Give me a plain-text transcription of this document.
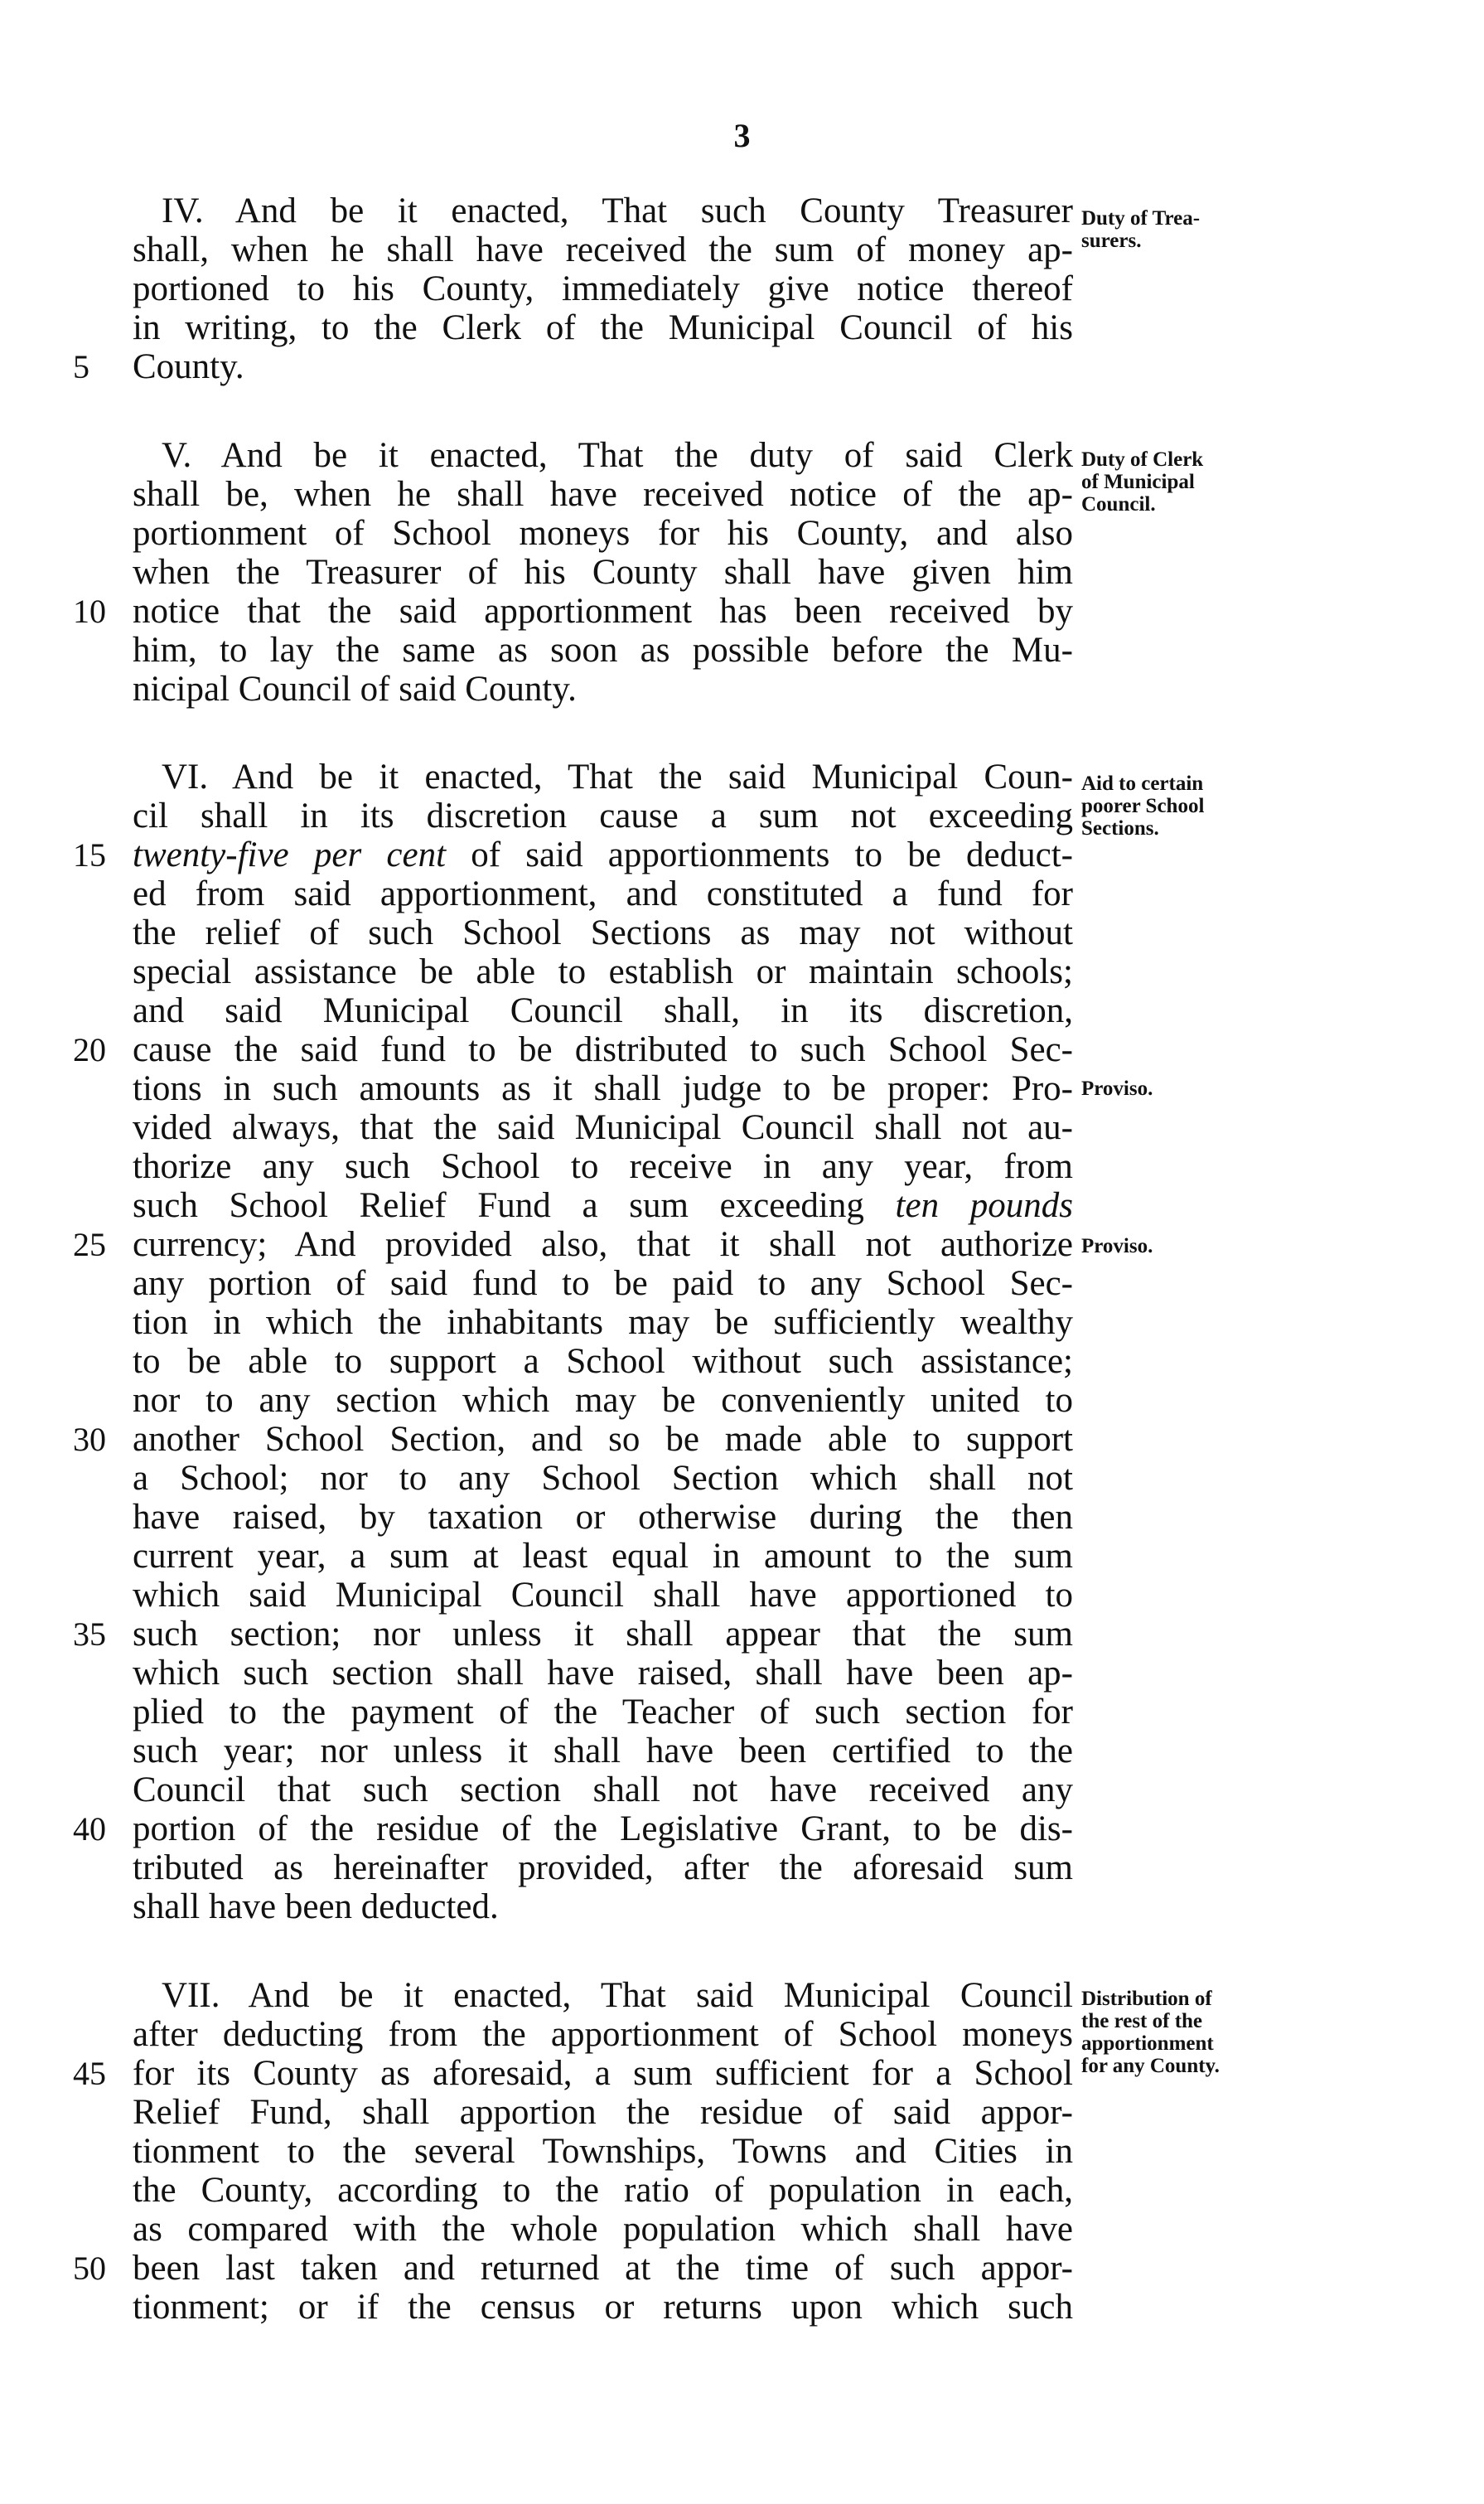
3
IV. And be it enacted, That such County Treasurer
shall, when he shall have received the sum of money ap-
portioned to his County, immediately give notice thereof
in writing, to the Clerk of the Municipal Council of his
5	County.
Duty of Trea-
surers.
V. And be it enacted, That the duty of said Clerk
shall be, when he shall have received notice of the ap-
portionment of School moneys for his County, and also
when the Treasurer of his County shall have given him
10 notice that the said apportionment has been received by
him, to lay the same as soon as possible before the Mu-
nicipal Council of said County.
Duty of Clerk
of Municipal
Council.
VI. And be it enacted, That the said Municipal Coun-
cil shall in its discretion cause a sum not exceeding
15 twenty-five per cent of said apportionments to be deduct-
ed from said apportionment, and constituted a fund for
the relief of such School Sections as may not without
special assistance be able to establish or maintain schools;
and said Municipal Council shall, in its discretion,
20 cause the said fund to be distributed to such School Sec-
tions in such amounts as it shall judge to be proper: Pro-
vided always, that the said Municipal Council shall not au-
thorize any such School to receive in any year, from
such School Relief Fund a sum exceeding ten pounds
25 currency; And provided also, that it shall not authorize
any portion of said fund to be paid to any School Sec-
tion in which the inhabitants may be sufficiently wealthy
to be able to support a School without such assistance;
nor to any section which may be conveniently united to
30 another School Section, and so be made able to support
a School; nor to any School Section which shall not
have raised, by taxation or otherwise during the then
current year, a sum at least equal in amount to the sum
which said Municipal Council shall have apportioned to
35 such section; nor unless it shall appear that the sum
which such section shall have raised, shall have been ap-
plied to the payment of the Teacher of such section for
such year; nor unless it shall have been certified to the
Council that such section shall not have received any
40 portion of the residue of the Legislative Grant, to be dis-
tributed as hereinafter provided, after the aforesaid sum
shall have been deducted.
Aid to certain
poorer School
Sections.
Proviso.
Proviso.
VII. And be it enacted, That said Municipal Council
after deducting from the apportionment of School moneys
45 for its County as aforesaid, a sum sufficient for a School
Relief Fund, shall apportion the residue of said appor-
tionment to the several Townships, Towns and Cities in
the County, according to the ratio of population in each,
as compared with the whole population which shall have
50 been last taken and returned at the time of such appor-
tionment; or if the census or returns upon which such
Distribution of
the rest of the
apportionment
for any County.
